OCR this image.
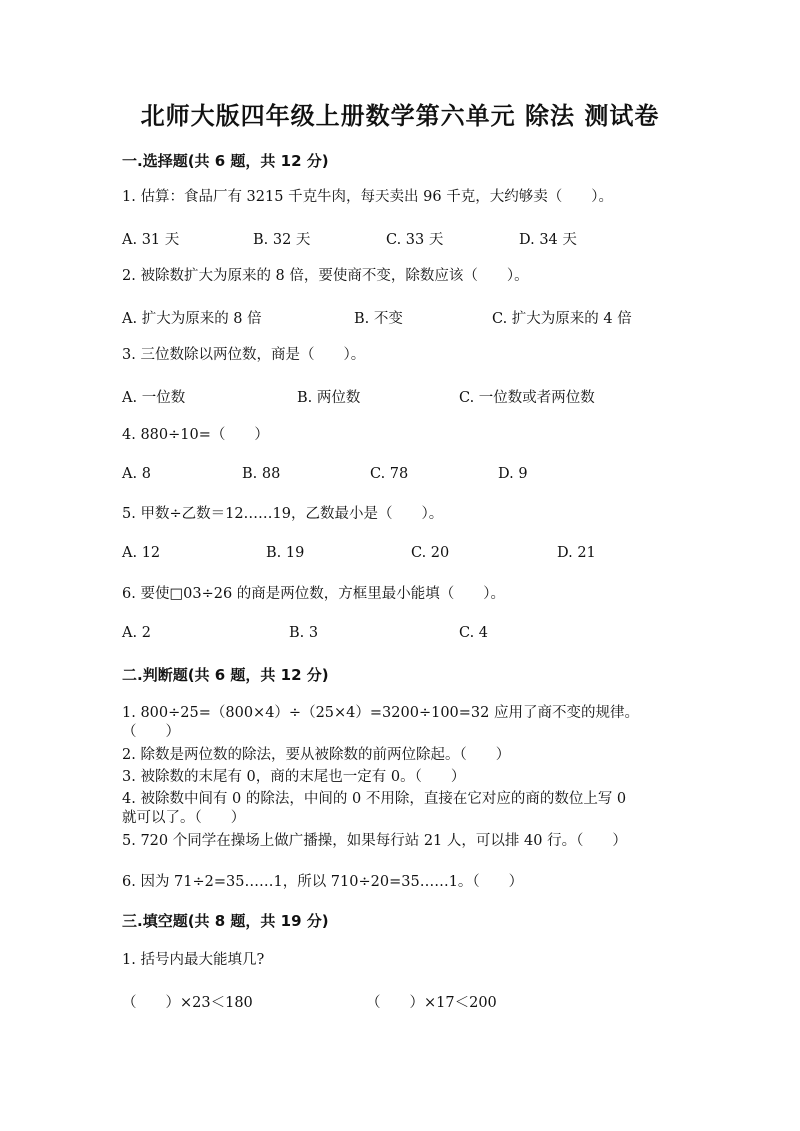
北师大版四年级上册数学第六单元 除法 测试卷
一.选择题(共 6 题，共 12 分)
1. 估算：食品厂有 3215 千克牛肉，每天卖出 96 千克，大约够卖（　　）。
A. 31 天	B. 32 天	C. 33 天	D. 34 天
2. 被除数扩大为原来的 8 倍，要使商不变，除数应该（　　）。
A. 扩大为原来的 8 倍	B. 不变	C. 扩大为原来的 4 倍
3. 三位数除以两位数，商是（　　）。
A. 一位数	B. 两位数	C. 一位数或者两位数
4. 880÷10=（　　）
A. 8	B. 88	C. 78	D. 9
5. 甲数÷乙数＝12……19，乙数最小是（　　）。
A. 12	B. 19	C. 20	D. 21
6. 要使□03÷26 的商是两位数，方框里最小能填（　　）。
A. 2	B. 3	C. 4
二.判断题(共 6 题，共 12 分)
1. 800÷25=（800×4）÷（25×4）=3200÷100=32 应用了商不变的规律。
（　　）
2. 除数是两位数的除法，要从被除数的前两位除起。（　　）
3. 被除数的末尾有 0，商的末尾也一定有 0。（　　）
4. 被除数中间有 0 的除法，中间的 0 不用除，直接在它对应的商的数位上写 0
就可以了。（　　）
5. 720 个同学在操场上做广播操，如果每行站 21 人，可以排 40 行。（　　）
6. 因为 71÷2=35……1，所以 710÷20=35……1。（　　）
三.填空题(共 8 题，共 19 分)
1. 括号内最大能填几?
（　　）×23＜180	（　　）×17＜200
